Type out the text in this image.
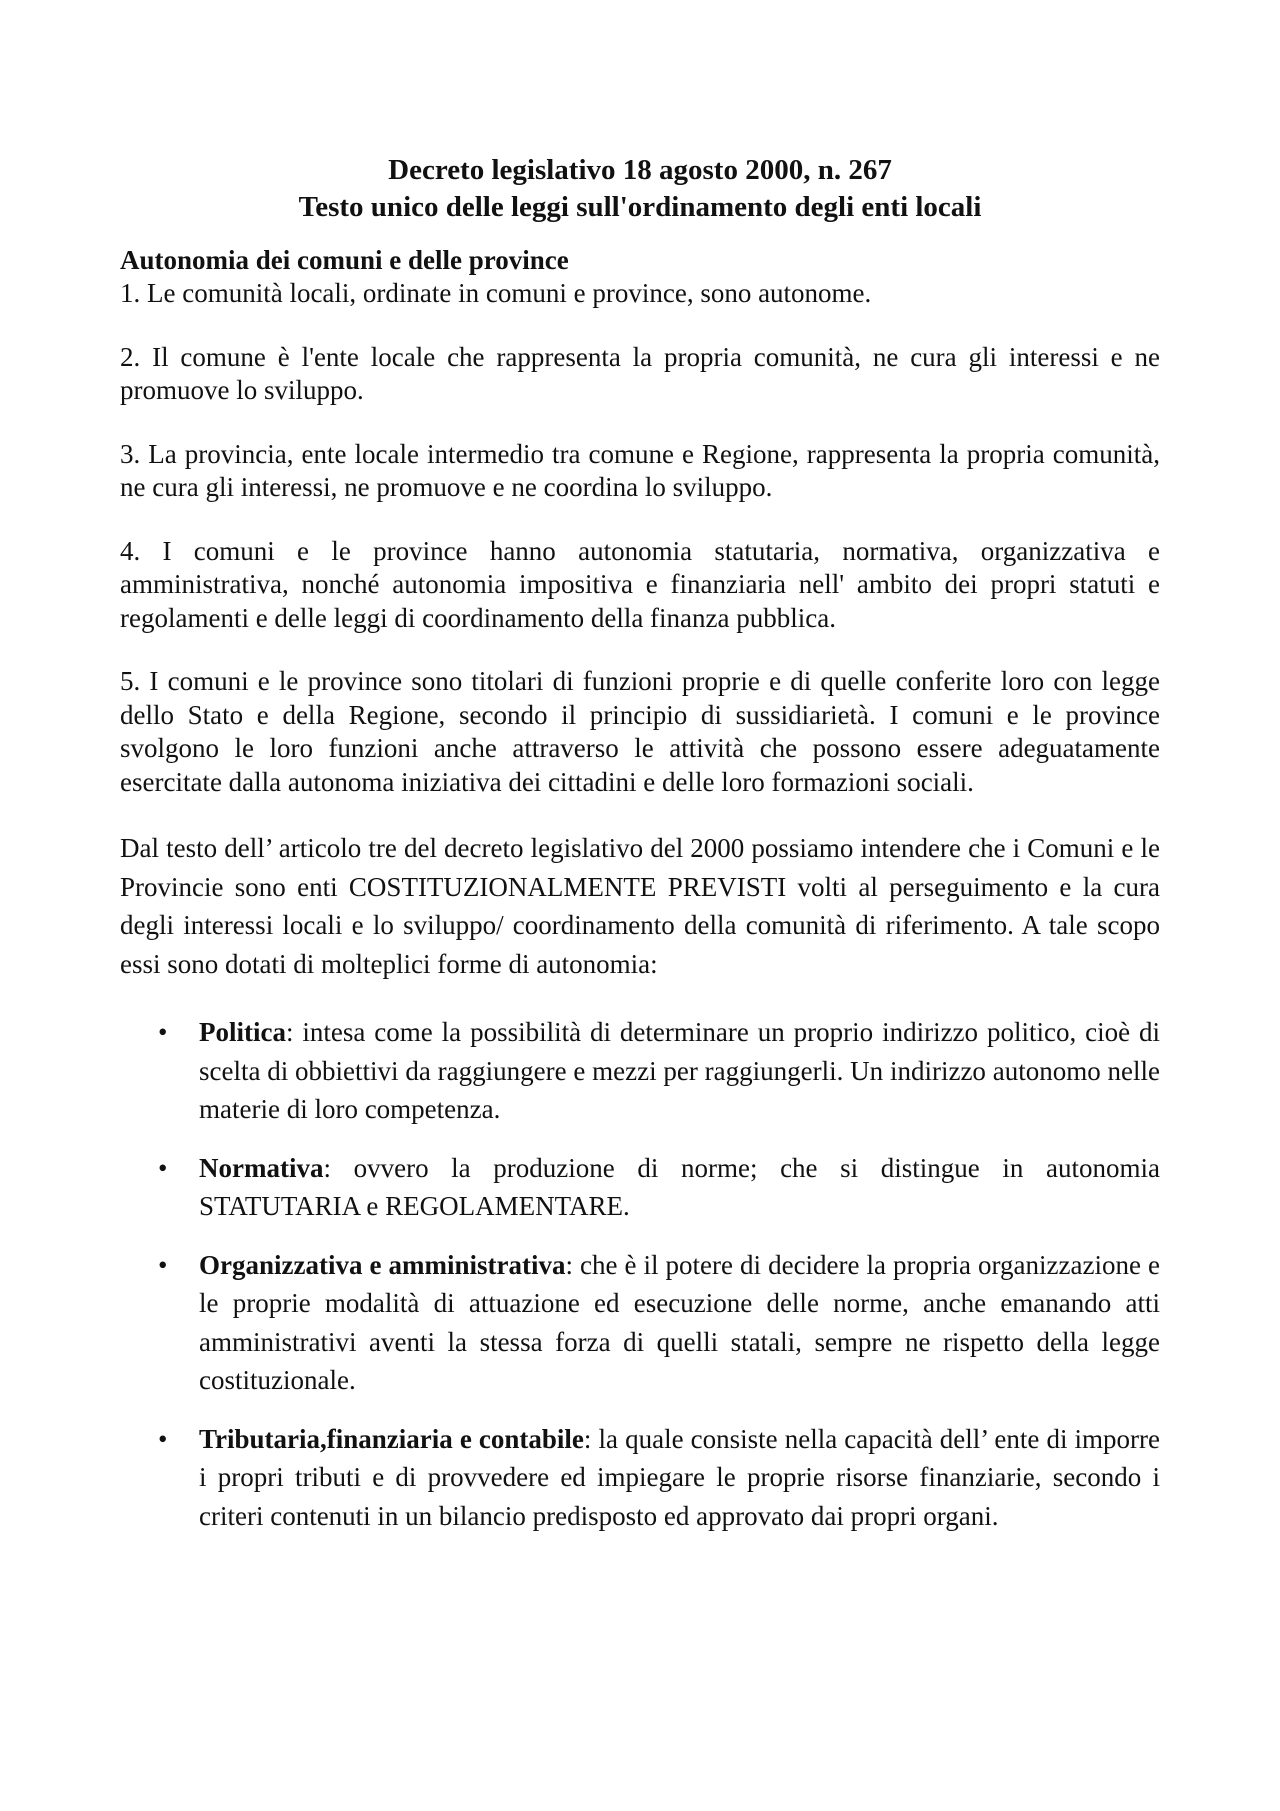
Decreto legislativo 18 agosto 2000, n. 267
Testo unico delle leggi sull'ordinamento degli enti locali
Autonomia dei comuni e delle province

1. Le comunità locali, ordinate in comuni e province, sono autonome.

2. Il comune è l'ente locale che rappresenta la propria comunità, ne cura gli interessi e ne promuove lo sviluppo.

3. La provincia, ente locale intermedio tra comune e Regione, rappresenta la propria comunità, ne cura gli interessi, ne promuove e ne coordina lo sviluppo.

4. I comuni e le province hanno autonomia statutaria, normativa, organizzativa e amministrativa, nonché autonomia impositiva e finanziaria nell' ambito dei propri statuti e regolamenti e delle leggi di coordinamento della finanza pubblica.

5. I comuni e le province sono titolari di funzioni proprie e di quelle conferite loro con legge dello Stato e della Regione, secondo il principio di sussidiarietà. I comuni e le province svolgono le loro funzioni anche attraverso le attività che possono essere adeguatamente esercitate dalla autonoma iniziativa dei cittadini e delle loro formazioni sociali.

Dal testo dell’ articolo tre del decreto legislativo del 2000 possiamo intendere che i Comuni e le Provincie sono enti COSTITUZIONALMENTE PREVISTI volti al perseguimento e la cura degli interessi locali e lo sviluppo/ coordinamento della comunità di riferimento. A tale scopo essi sono dotati di molteplici forme di autonomia:

• Politica: intesa come la possibilità di determinare un proprio indirizzo politico, cioè di scelta di obbiettivi da raggiungere e mezzi per raggiungerli. Un indirizzo autonomo nelle materie di loro competenza.
• Normativa: ovvero la produzione di norme; che si distingue in autonomia STATUTARIA e REGOLAMENTARE.
• Organizzativa e amministrativa: che è il potere di decidere la propria organizzazione e le proprie modalità di attuazione ed esecuzione delle norme, anche emanando atti amministrativi aventi la stessa forza di quelli statali, sempre ne rispetto della legge costituzionale.
• Tributaria,finanziaria e contabile: la quale consiste nella capacità dell’ ente di imporre i propri tributi e di provvedere ed impiegare le proprie risorse finanziarie, secondo i criteri contenuti in un bilancio predisposto ed approvato dai propri organi.
